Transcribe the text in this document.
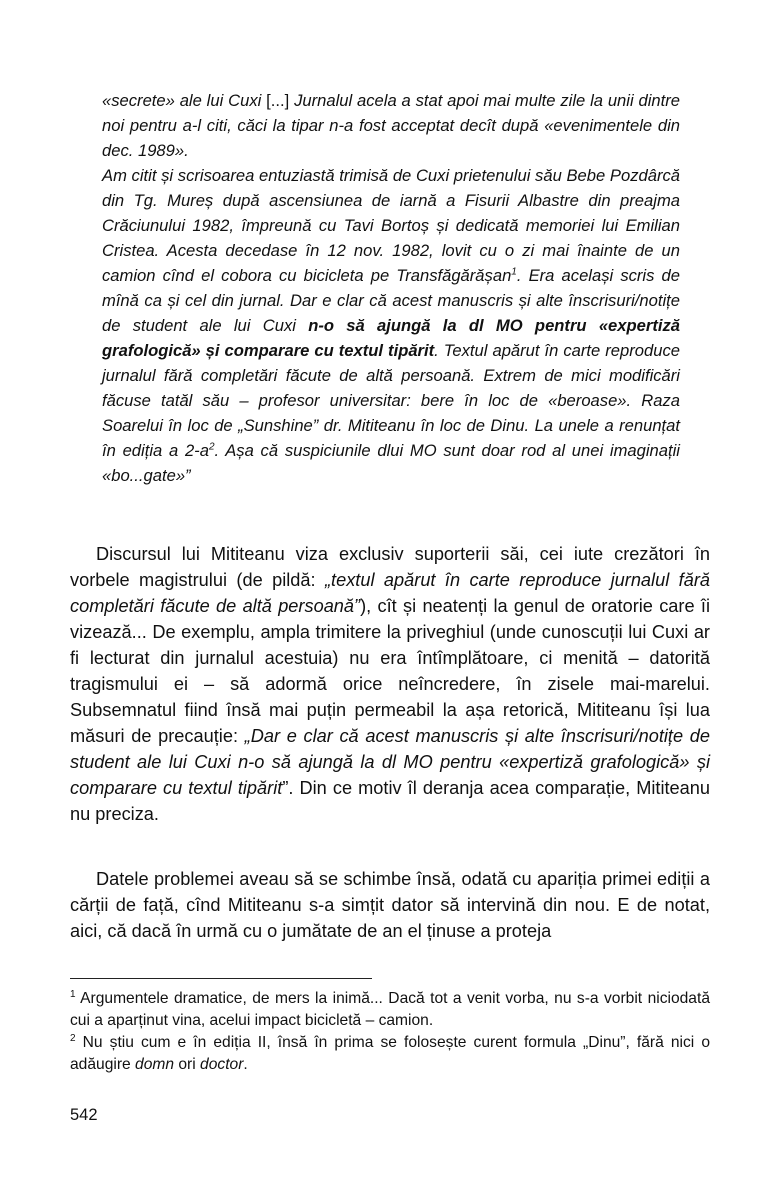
«secrete» ale lui Cuxi [...] Jurnalul acela a stat apoi mai multe zile la unii dintre noi pentru a-l citi, căci la tipar n-a fost acceptat decît după «evenimentele din dec. 1989».

Am citit și scrisoarea entuziastă trimisă de Cuxi prietenului său Bebe Pozdârcă din Tg. Mureș după ascensiunea de iarnă a Fisurii Albastre din preajma Crăciunului 1982, împreună cu Tavi Bortoș și dedicată memoriei lui Emilian Cristea. Acesta decedase în 12 nov. 1982, lovit cu o zi mai înainte de un camion cînd el cobora cu bicicleta pe Transfăgărășan$^1$. Era același scris de mînă ca și cel din jurnal. Dar e clar că acest manuscris și alte înscrisuri/notițe de student ale lui Cuxi n-o să ajungă la dl MO pentru «expertiză grafologică» și comparare cu textul tipărit. Textul apărut în carte reproduce jurnalul fără completări făcute de altă persoană. Extrem de mici modificări făcuse tatăl său – profesor universitar: bere în loc de «beroase». Raza Soarelui în loc de „Sunshine” dr. Mititeanu în loc de Dinu. La unele a renunțat în ediția a $2-a^2$. Așa că suspiciunile dlui MO sunt doar rod al unei imaginații «bo...gate»”

Discursul lui Mititeanu viza exclusiv suporterii săi, cei iute crezători în vorbele magistrului (de pildă: „textul apărut în carte reproduce jurnalul fără completări făcute de altă persoană”), cît și neatenți la genul de oratorie care îi vizează... De exemplu, ampla trimitere la priveghiul (unde cunoscuții lui Cuxi ar fi lecturat din jurnalul acestuia) nu era întîmplătoare, ci menită – datorită tragismului ei – să adormă orice neîncredere, în zisele mai-marelui. Subsemnatul fiind însă mai puțin permeabil la așa retorică, Mititeanu își lua măsuri de precauție: „Dar e clar că acest manuscris și alte înscrisuri/notițe de student ale lui Cuxi n-o să ajungă la dl MO pentru «expertiză grafologică» și comparare cu textul tipărit”. Din ce motiv îl deranja acea comparație, Mititeanu nu preciza.

Datele problemei aveau să se schimbe însă, odată cu apariția primei ediții a cărții de față, cînd Mititeanu s-a simțit dator să intervină din nou. E de notat, aici, că dacă în urmă cu o jumătate de an el ținuse a proteja

$^1$ Argumentele dramatice, de mers la inimă... Dacă tot a venit vorba, nu s-a vorbit niciodată cui a aparținut vina, acelui impact bicicletă – camion.

$^2$ Nu știu cum e în ediția II, însă în prima se folosește curent formula „Dinu”, fără nici o adăugire domn ori doctor.

542
